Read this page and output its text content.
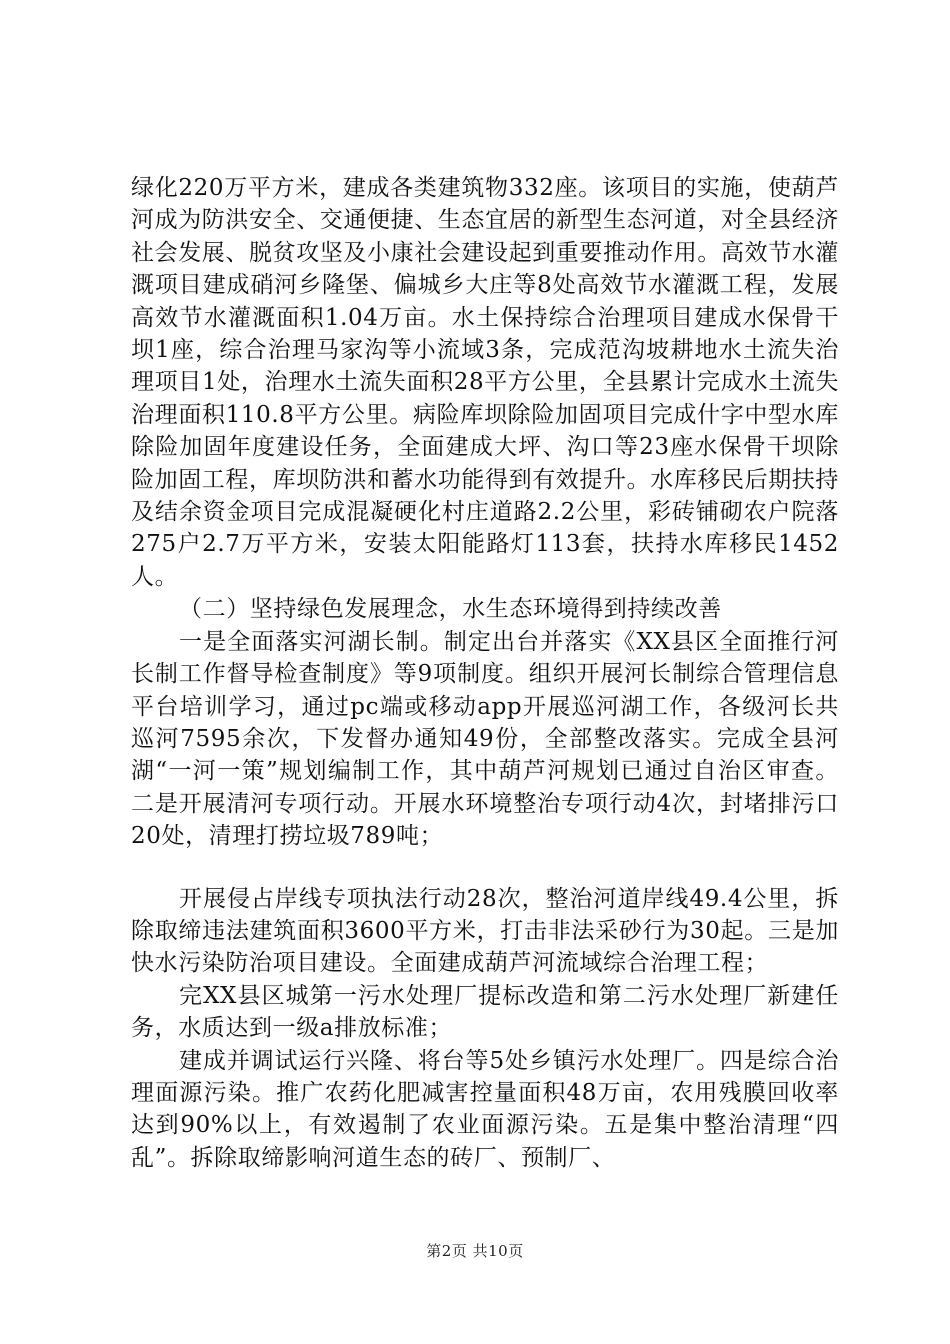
绿化220万平方米，建成各类建筑物332座。该项目的实施，使葫芦河成为防洪安全、交通便捷、生态宜居的新型生态河道，对全县经济社会发展、脱贫攻坚及小康社会建设起到重要推动作用。高效节水灌溉项目建成硝河乡隆堡、偏城乡大庄等8处高效节水灌溉工程，发展高效节水灌溉面积1.04万亩。水土保持综合治理项目建成水保骨干坝1座，综合治理马家沟等小流域3条，完成范沟坡耕地水土流失治理项目1处，治理水土流失面积28平方公里，全县累计完成水土流失治理面积110.8平方公里。病险库坝除险加固项目完成什字中型水库除险加固年度建设任务，全面建成大坪、沟口等23座水保骨干坝除险加固工程，库坝防洪和蓄水功能得到有效提升。水库移民后期扶持及结余资金项目完成混凝硬化村庄道路2.2公里，彩砖铺砌农户院落275户2.7万平方米，安装太阳能路灯113套，扶持水库移民1452人。

（二）坚持绿色发展理念，水生态环境得到持续改善

一是全面落实河湖长制。制定出台并落实《XX县区全面推行河长制工作督导检查制度》等9项制度。组织开展河长制综合管理信息平台培训学习，通过pc端或移动app开展巡河湖工作，各级河长共巡河7595余次，下发督办通知49份，全部整改落实。完成全县河湖“一河一策”规划编制工作，其中葫芦河规划已通过自治区审查。二是开展清河专项行动。开展水环境整治专项行动4次，封堵排污口20处，清理打捞垃圾789吨；

开展侵占岸线专项执法行动28次，整治河道岸线49.4公里，拆除取缔违法建筑面积3600平方米，打击非法采砂行为30起。三是加快水污染防治项目建设。全面建成葫芦河流域综合治理工程；

完XX县区城第一污水处理厂提标改造和第二污水处理厂新建任务，水质达到一级a排放标准；

建成并调试运行兴隆、将台等5处乡镇污水处理厂。四是综合治理面源污染。推广农药化肥减害控量面积48万亩，农用残膜回收率达到90%以上，有效遏制了农业面源污染。五是集中整治清理“四乱”。拆除取缔影响河道生态的砖厂、预制厂、

第2页 共10页
